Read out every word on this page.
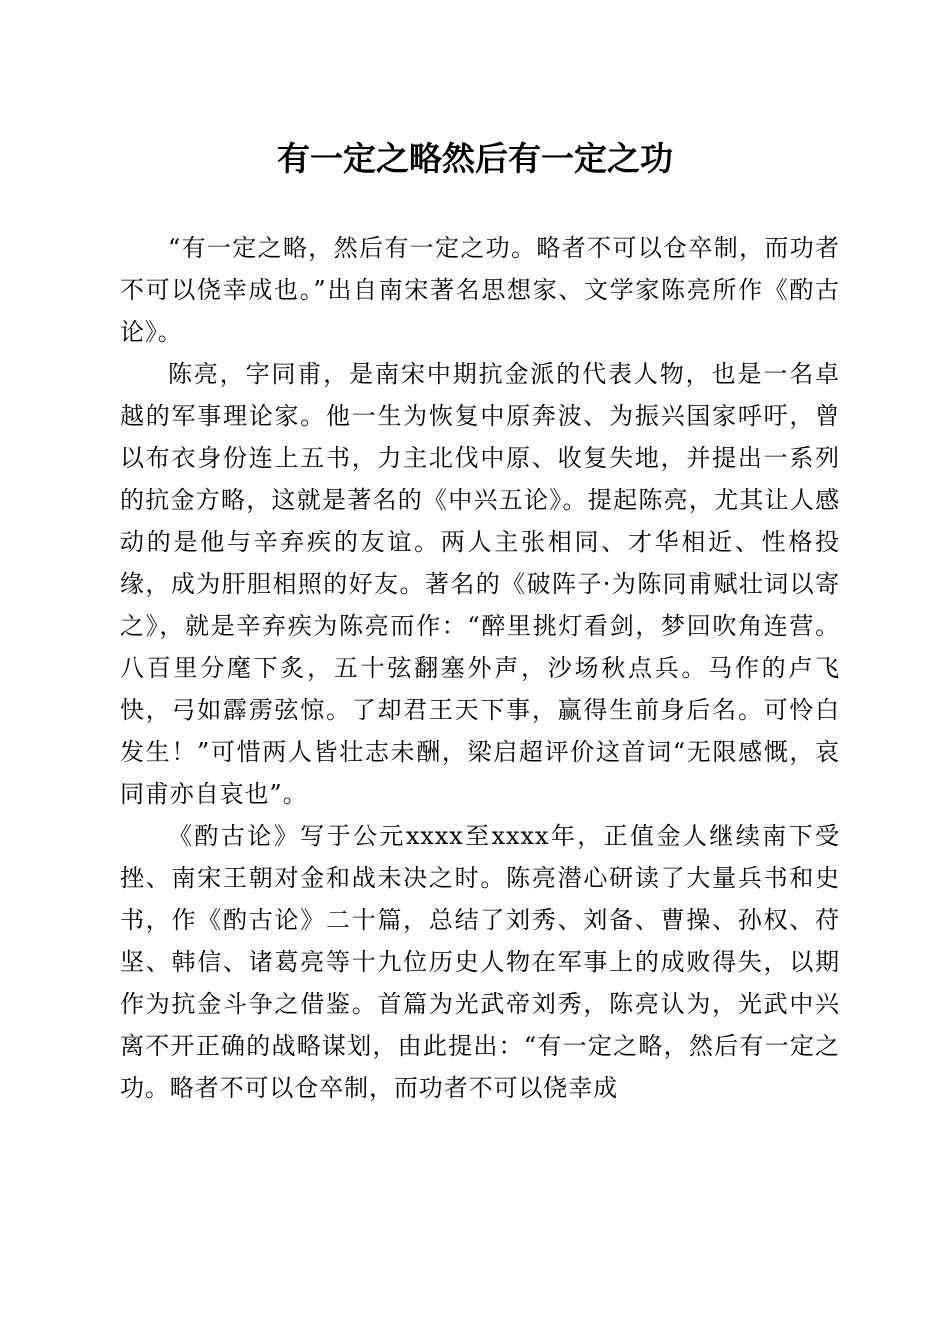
有一定之略然后有一定之功

“有一定之略，然后有一定之功。略者不可以仓卒制，而功者不可以侥幸成也。”出自南宋著名思想家、文学家陈亮所作《酌古论》。

陈亮，字同甫，是南宋中期抗金派的代表人物，也是一名卓越的军事理论家。他一生为恢复中原奔波、为振兴国家呼吁，曾以布衣身份连上五书，力主北伐中原、收复失地，并提出一系列的抗金方略，这就是著名的《中兴五论》。提起陈亮，尤其让人感动的是他与辛弃疾的友谊。两人主张相同、才华相近、性格投缘，成为肝胆相照的好友。著名的《破阵子·为陈同甫赋壮词以寄之》，就是辛弃疾为陈亮而作：“醉里挑灯看剑，梦回吹角连营。八百里分麾下炙，五十弦翻塞外声，沙场秋点兵。马作的卢飞快，弓如霹雳弦惊。了却君王天下事，赢得生前身后名。可怜白发生！”可惜两人皆壮志未酬，梁启超评价这首词“无限感慨，哀同甫亦自哀也”。

《酌古论》写于公元xxxx至xxxx年，正值金人继续南下受挫、南宋王朝对金和战未决之时。陈亮潜心研读了大量兵书和史书，作《酌古论》二十篇，总结了刘秀、刘备、曹操、孙权、苻坚、韩信、诸葛亮等十九位历史人物在军事上的成败得失，以期作为抗金斗争之借鉴。首篇为光武帝刘秀，陈亮认为，光武中兴离不开正确的战略谋划，由此提出：“有一定之略，然后有一定之功。略者不可以仓卒制，而功者不可以侥幸成
